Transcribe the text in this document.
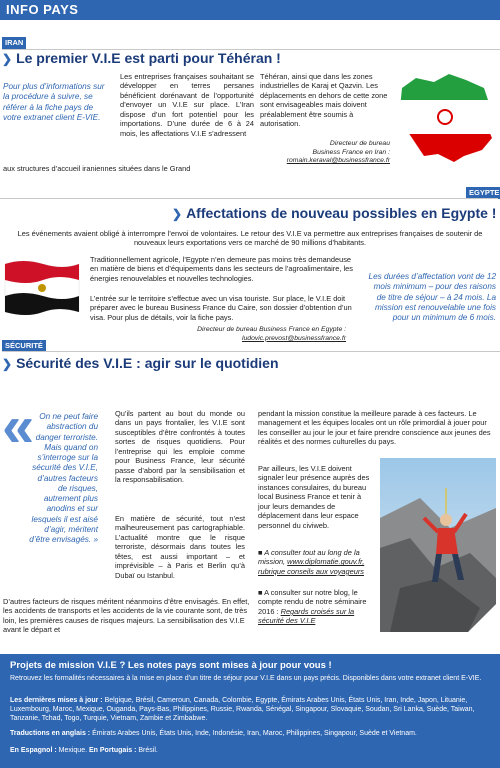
INFO PAYS
IRAN
❯ Le premier V.I.E est parti pour Téhéran !
Pour plus d’informations sur la procédure à suivre, se référer à la fiche pays de votre extranet client E-VIE.
Les entreprises françaises souhaitant se développer en terres persanes bénéficient dorénavant de l’opportunité d’envoyer un V.I.E sur place. L’Iran dispose d’un fort potentiel pour les importations. D’une durée de 6 à 24 mois, les affectations V.I.E s’adressent
aux structures d’accueil iraniennes situées dans le Grand
Téhéran, ainsi que dans les zones industrielles de Karaj et Qazvin. Les déplacements en dehors de cette zone sont envisageables mais doivent préalablement être soumis à autorisation.
Directeur de bureau
Business France en Iran :
romain.keraval@businessfrance.fr
EGYPTE
❯ Affectations de nouveau possibles en Egypte !
Les événements avaient obligé à interrompre l’envoi de volontaires. Le retour des V.I.E va permettre aux entreprises françaises de soutenir de nouveaux leurs exportations vers ce marché de 90 millions d’habitants.
Traditionnellement agricole, l’Egypte n’en demeure pas moins très demandeuse en matière de biens et d’équipements dans les secteurs de l’agroalimentaire, les énergies renouvelables et nouvelles technologies.
L’entrée sur le territoire s’effectue avec un visa touriste. Sur place, le V.I.E doit préparer avec le bureau Business France du Caire, son dossier d’obtention d’un visa. Pour plus de détails, voir la fiche pays.
Les durées d’affectation vont de 12 mois minimum – pour des raisons de titre de séjour – à 24 mois. La mission est renouvelable une fois pour un minimum de 6 mois.
Directeur de bureau Business France en Egypte :
ludovic.prevost@businessfrance.fr
SÉCURITÉ
❯ Sécurité des V.I.E : agir sur le quotidien
« On ne peut faire abstraction du danger terroriste. Mais quand on s’interroge sur la sécurité des V.I.E, d’autres facteurs de risques, autrement plus anodins et sur lesquels il est aisé d’agir, méritent d’être envisagés. »
Qu’ils partent au bout du monde ou dans un pays frontalier, les V.I.E sont susceptibles d’être confrontés à toutes sortes de risques quotidiens. Pour l’entreprise qui les emploie comme pour Business France, leur sécurité passe d’abord par la sensibilisation et la responsabilisation.
En matière de sécurité, tout n’est malheureusement pas cartographiable. L’actualité montre que le risque terroriste, désormais dans toutes les têtes, est aussi important – et imprévisible – à Paris et Berlin qu’à Dubaï ou Istanbul.
D’autres facteurs de risques méritent néanmoins d’être envisagés. En effet, les accidents de transports et les accidents de la vie courante sont, de très loin, les premières causes de risques majeurs. La sensibilisation des V.I.E avant le départ et
pendant la mission constitue la meilleure parade à ces facteurs. Le management et les équipes locales ont un rôle primordial à jouer pour les conseiller au jour le jour et faire prendre conscience aux jeunes des réalités et des normes culturelles du pays.
Par ailleurs, les V.I.E doivent signaler leur présence auprès des instances consulaires, du bureau local Business France et tenir à jour leurs demandes de déplacement dans leur espace personnel du civiweb.
■ A consulter tout au long de la mission, www.diplomatie.gouv.fr, rubrique conseils aux voyageurs
■ A consulter sur notre blog, le compte rendu de notre séminaire 2016 : Regards croisés sur la sécurité des V.I.E
Projets de mission V.I.E ? Les notes pays sont mises à jour pour vous !
Retrouvez les formalités nécessaires à la mise en place d’un titre de séjour pour V.I.E dans un pays précis. Disponibles dans votre extranet client E-VIE.
Les dernières mises à jour : Belgique, Brésil, Cameroun, Canada, Colombie, Egypte, Émirats Arabes Unis, États Unis, Iran, Inde, Japon, Lituanie, Luxembourg, Maroc, Mexique, Ouganda, Pays-Bas, Philippines, Russie, Rwanda, Sénégal, Singapour, Slovaquie, Soudan, Sri Lanka, Suède, Taiwan, Tanzanie, Tchad, Togo, Turquie, Vietnam, Zambie et Zimbabwe.
Traductions en anglais : Émirats Arabes Unis, États Unis, Inde, Indonésie, Iran, Maroc, Philippines, Singapour, Suède et Vietnam.
En Espagnol : Mexique. En Portugais : Brésil.
